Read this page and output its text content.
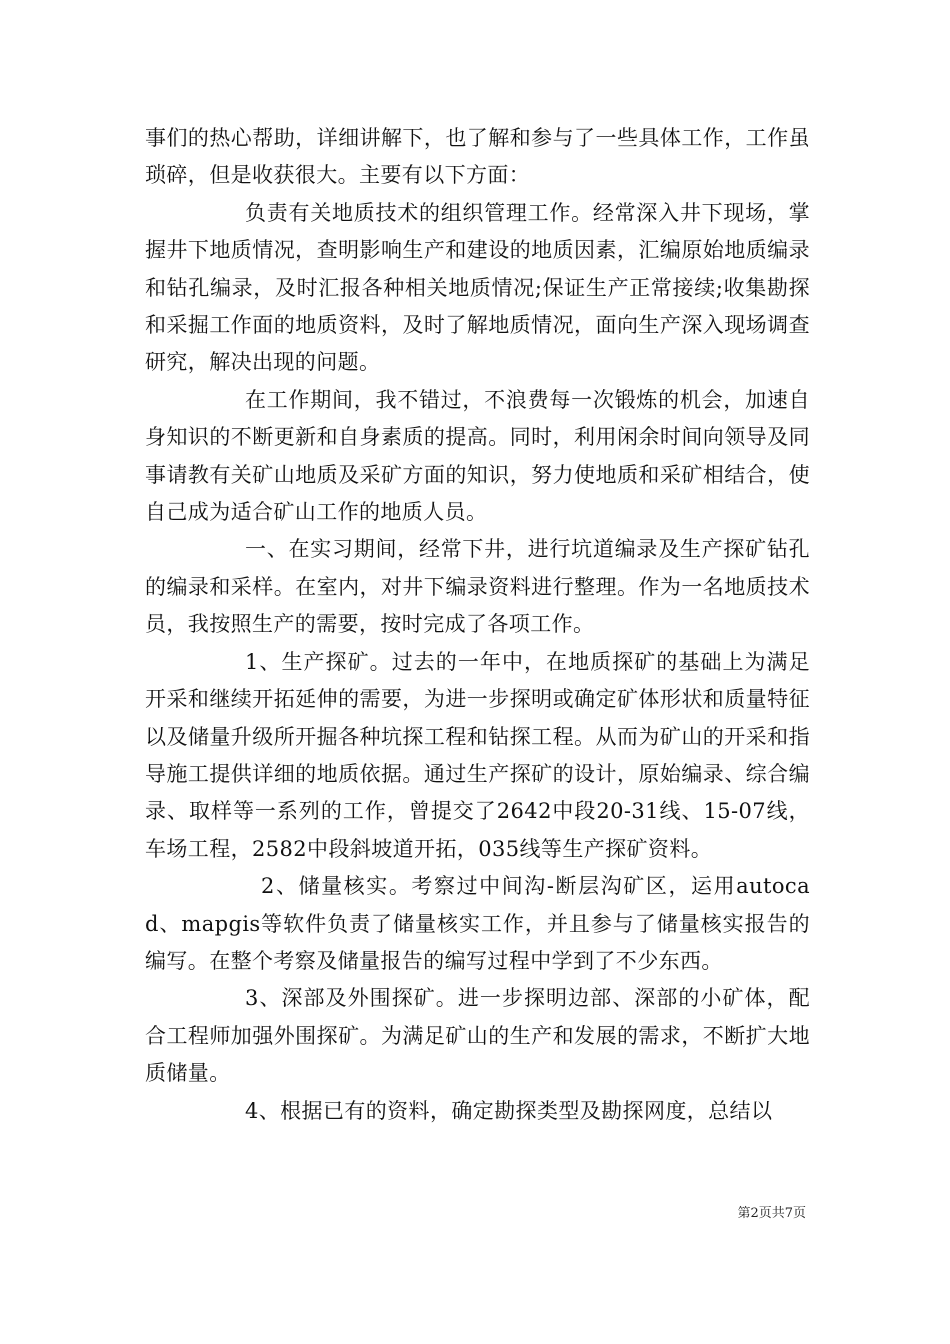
事们的热心帮助，详细讲解下，也了解和参与了一些具体工作，工作虽琐碎，但是收获很大。主要有以下方面：

负责有关地质技术的组织管理工作。经常深入井下现场，掌握井下地质情况，查明影响生产和建设的地质因素，汇编原始地质编录和钻孔编录，及时汇报各种相关地质情况;保证生产正常接续;收集勘探和采掘工作面的地质资料，及时了解地质情况，面向生产深入现场调查研究，解决出现的问题。

在工作期间，我不错过，不浪费每一次锻炼的机会，加速自身知识的不断更新和自身素质的提高。同时，利用闲余时间向领导及同事请教有关矿山地质及采矿方面的知识，努力使地质和采矿相结合，使自己成为适合矿山工作的地质人员。

一、在实习期间，经常下井，进行坑道编录及生产探矿钻孔的编录和采样。在室内，对井下编录资料进行整理。作为一名地质技术员，我按照生产的需要，按时完成了各项工作。

1、生产探矿。过去的一年中，在地质探矿的基础上为满足开采和继续开拓延伸的需要，为进一步探明或确定矿体形状和质量特征以及储量升级所开掘各种坑探工程和钻探工程。从而为矿山的开采和指导施工提供详细的地质依据。通过生产探矿的设计，原始编录、综合编录、取样等一系列的工作，曾提交了2642中段20-31线、15-07线，车场工程，2582中段斜坡道开拓，035线等生产探矿资料。

2、储量核实。考察过中间沟-断层沟矿区，运用autocad、mapgis等软件负责了储量核实工作，并且参与了储量核实报告的编写。在整个考察及储量报告的编写过程中学到了不少东西。

3、深部及外围探矿。进一步探明边部、深部的小矿体，配合工程师加强外围探矿。为满足矿山的生产和发展的需求，不断扩大地质储量。

4、根据已有的资料，确定勘探类型及勘探网度，总结以

第2页共7页
